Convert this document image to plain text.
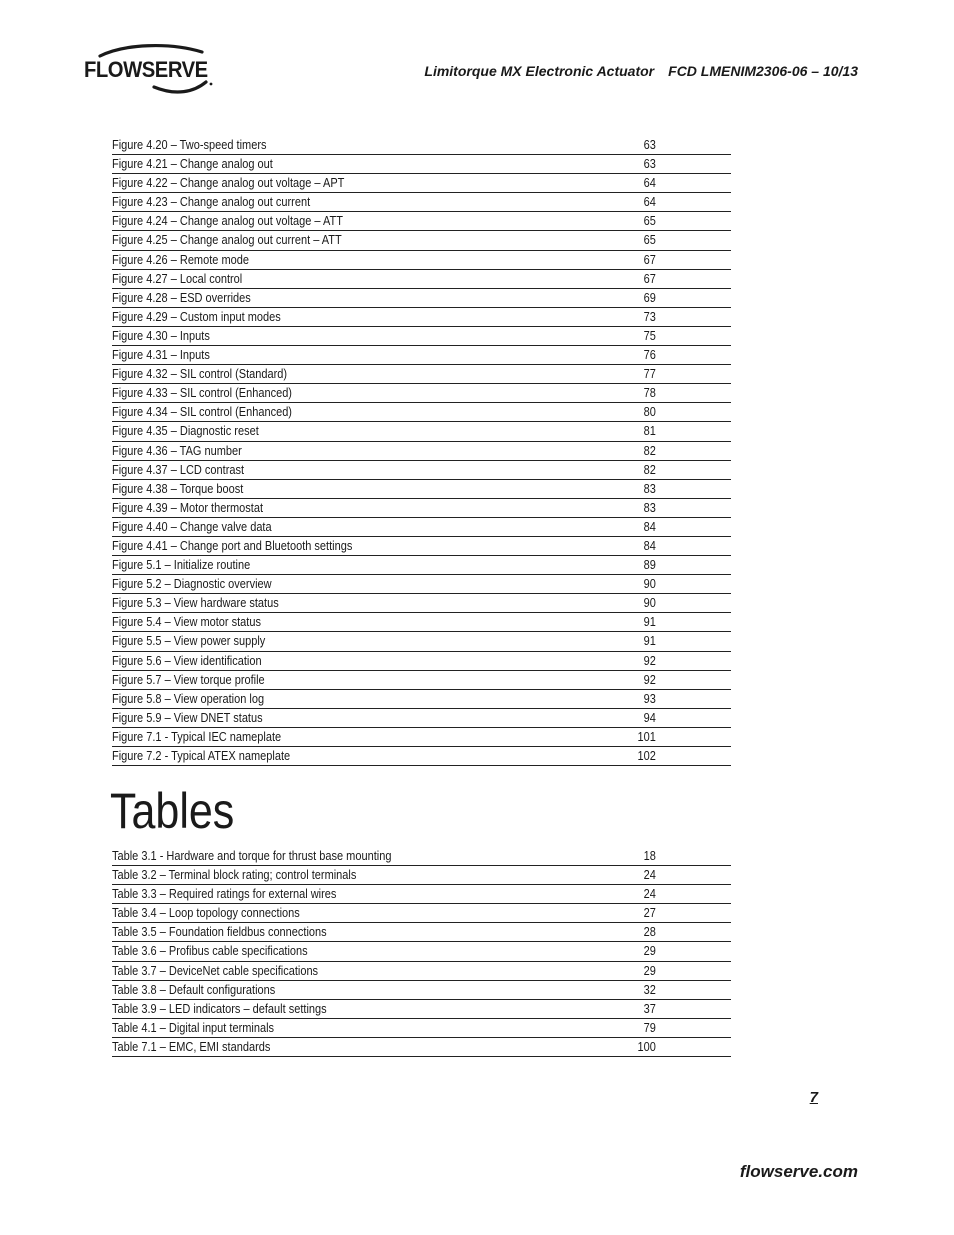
FLOWSERVE	Limitorque MX Electronic Actuator FCD LMENIM2306-06 – 10/13
Figure 4.20 – Two-speed timers	63
Figure 4.21 – Change analog out	63
Figure 4.22 – Change analog out voltage – APT	64
Figure 4.23 – Change analog out current	64
Figure 4.24 – Change analog out voltage – ATT	65
Figure 4.25 – Change analog out current – ATT	65
Figure 4.26 – Remote mode	67
Figure 4.27 – Local control	67
Figure 4.28 – ESD overrides	69
Figure 4.29 – Custom input modes	73
Figure 4.30 – Inputs	75
Figure 4.31 – Inputs	76
Figure 4.32 – SIL control (Standard)	77
Figure 4.33 – SIL control (Enhanced)	78
Figure 4.34 – SIL control (Enhanced)	80
Figure 4.35 – Diagnostic reset	81
Figure 4.36 – TAG number	82
Figure 4.37 – LCD contrast	82
Figure 4.38 – Torque boost	83
Figure 4.39 – Motor thermostat	83
Figure 4.40 – Change valve data	84
Figure 4.41 – Change port and Bluetooth settings	84
Figure 5.1 – Initialize routine	89
Figure 5.2 – Diagnostic overview	90
Figure 5.3 – View hardware status	90
Figure 5.4 – View motor status	91
Figure 5.5 – View power supply	91
Figure 5.6 – View identification	92
Figure 5.7 – View torque profile	92
Figure 5.8 – View operation log	93
Figure 5.9 – View DNET status	94
Figure 7.1 - Typical IEC nameplate	101
Figure 7.2 - Typical ATEX nameplate	102
Tables
Table 3.1 - Hardware and torque for thrust base mounting	18
Table 3.2 – Terminal block rating; control terminals	24
Table 3.3 – Required ratings for external wires	24
Table 3.4 – Loop topology connections	27
Table 3.5 – Foundation fieldbus connections	28
Table 3.6 – Profibus cable specifications	29
Table 3.7 – DeviceNet cable specifications	29
Table 3.8 – Default configurations	32
Table 3.9 – LED indicators – default settings	37
Table 4.1 – Digital input terminals	79
Table 7.1 – EMC, EMI standards	100
7
flowserve.com
